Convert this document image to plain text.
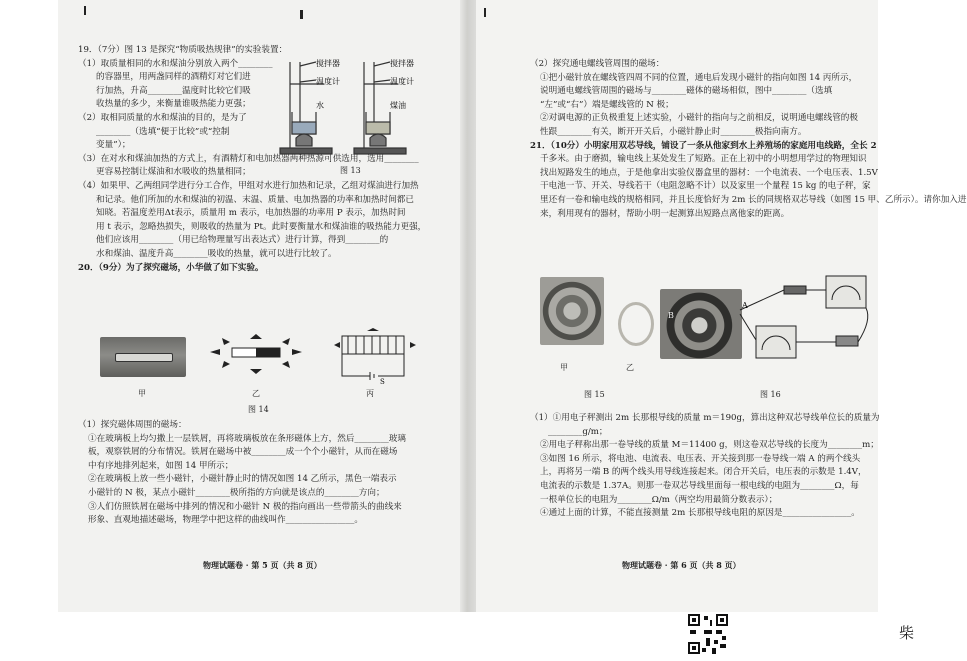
19．（7分）图 13 是探究“物质吸热规律”的实验装置：
（1）取质量相同的水和煤油分别放入两个________
的容器里，用两盏同样的酒精灯对它们进
行加热，升高________温度时比较它们吸
收热量的多少，来衡量谁吸热能力更强；
（2）取相同质量的水和煤油的目的，是为了
________（选填“便于比较”或“控制
变量”）；
（3）在对水和煤油加热的方式上，有酒精灯和电加热器两种热源可供选用，选用________
更容易控制让煤油和水吸收的热量相同；
（4）如果甲、乙两组同学进行分工合作，甲组对水进行加热和记录，乙组对煤油进行加热
和记录。他们所加的水和煤油的初温、末温、质量、电加热器的功率和加热时间都已
知晓。若温度差用Δt表示，质量用 m 表示，电加热器的功率用 P 表示，加热时间
用 t 表示，忽略热损失，则吸收的热量为 Pt。此时要衡量水和煤油谁的吸热能力更强，
他们应该用________（用已给物理量写出表达式）进行计算，得到________的
水和煤油、温度升高________吸收的热量，就可以进行比较了。
20．（9分）为了探究磁场，小华做了如下实验。
（1）探究磁体周围的磁场：
①在玻璃板上均匀撒上一层铁屑，再将玻璃板放在条形磁体上方，然后________玻璃
板，观察铁屑的分布情况。铁屑在磁场中被________成一个个小磁针，从而在磁场
中有序地排列起来，如图 14 甲所示；
②在玻璃板上放一些小磁针，小磁针静止时的情况如图 14 乙所示，黑色一端表示
小磁针的 N 极，某点小磁针________极所指的方向就是该点的________方向；
③人们仿照铁屑在磁场中排列的情况和小磁针 N 极的指向画出一些带箭头的曲线来
形象、直观地描述磁场，物理学中把这样的曲线叫作________________。
搅拌器
温度计
水
搅拌器
温度计
煤油
图 13
S
甲	乙	丙
图 14
物理试题卷 · 第 5 页（共 8 页）
（2）探究通电螺线管周围的磁场：
①把小磁针放在螺线管四周不同的位置，通电后发现小磁针的指向如图 14 丙所示，
说明通电螺线管周围的磁场与________磁体的磁场相似，图中________（选填
“左”或“右”）端是螺线管的 N 极；
②对调电源的正负极重复上述实验，小磁针的指向与之前相反，说明通电螺线管的极
性跟________有关，断开开关后，小磁针静止时________极指向南方。
21．（10分）小明家用双芯导线，铺设了一条从他家到水上养殖场的家庭用电线路，全长 2
千多米。由于磨损，输电线上某处发生了短路。正在上初中的小明想用学过的物理知识
找出短路发生的地点，于是他拿出实验仪器盒里的器材：一个电流表、一个电压表、1.5V
干电池一节、开关、导线若干（电阻忽略不计）以及家里一个量程 15 kg 的电子秤，家
里还有一卷和输电线的规格相同，并且长度恰好为 2m 长的同规格双芯导线（如图 15 甲、乙所示）。请你加入进
来，利用现有的器材，帮助小明一起测算出短路点离他家的距离。
A
B
甲	乙
图 15	图 16
（1）①用电子秤测出 2m 长那根导线的质量 m＝190g，算出这种双芯导线单位长的质量为
________g/m；
②用电子秤称出那一卷导线的质量 M＝11400 g，则这卷双芯导线的长度为________m；
③如图 16 所示，将电池、电流表、电压表、开关接到那一卷导线一端 A 的两个线头
上，再将另一端 B 的两个线头用导线连接起来。闭合开关后，电压表的示数是 1.4V，
电流表的示数是 1.37A。则那一卷双芯导线里面每一根电线的电阻为________Ω，每
一根单位长的电阻为________Ω/m（两空均用最简分数表示）；
④通过上面的计算，不能直接测量 2m 长那根导线电阻的原因是________________。
物理试题卷 · 第 6 页（共 8 页）
柴
